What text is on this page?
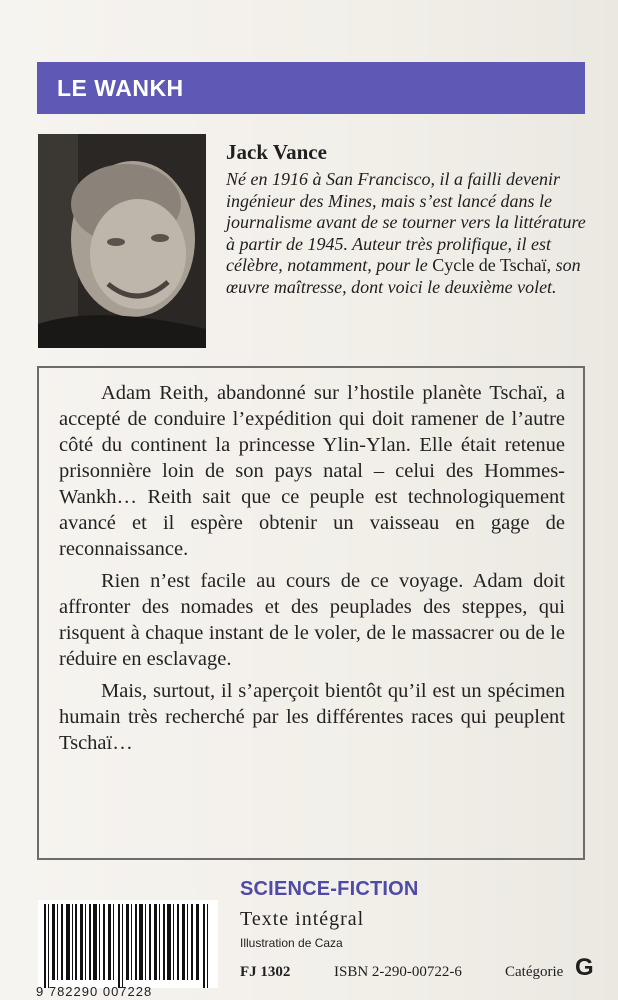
LE WANKH
Jack Vance

Né en 1916 à San Francisco, il a failli devenir ingénieur des Mines, mais s’est lancé dans le journalisme avant de se tourner vers la littérature à partir de 1945. Auteur très prolifique, il est célèbre, notamment, pour le Cycle de Tschaï, son œuvre maîtresse, dont voici le deuxième volet.

Adam Reith, abandonné sur l’hostile planète Tschaï, a accepté de conduire l’expédition qui doit ramener de l’autre côté du continent la princesse Ylin-Ylan. Elle était retenue prisonnière loin de son pays natal – celui des Hommes-Wankh… Reith sait que ce peuple est technologiquement avancé et il espère obtenir un vaisseau en gage de reconnaissance.

Rien n’est facile au cours de ce voyage. Adam doit affronter des nomades et des peuplades des steppes, qui risquent à chaque instant de le voler, de le massacrer ou de le réduire en esclavage.

Mais, surtout, il s’aperçoit bientôt qu’il est un spécimen humain très recherché par les différentes races qui peuplent Tschaï…

SCIENCE-FICTION
9 782290 007228
Texte intégral
Illustration de Caza
FJ 1302	ISBN 2-290-00722-6	Catégorie G
